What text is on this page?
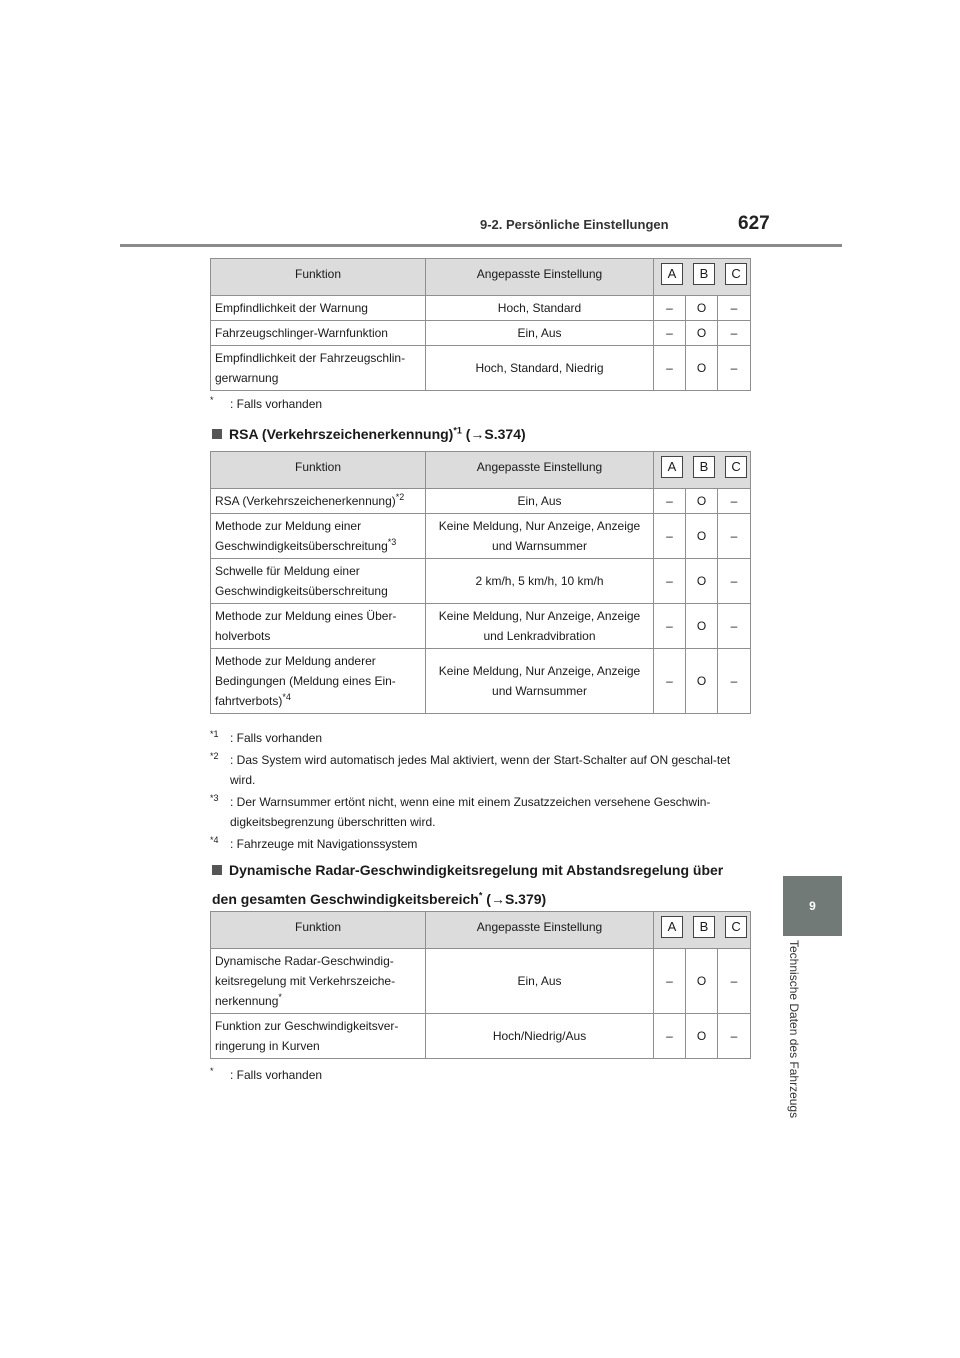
9-2. Persönliche Einstellungen	627
9
Technische Daten des Fahrzeugs
Funktion	Angepasste Einstellung	A B C		

Empfindlichkeit der Warnung	Hoch, Standard	–	O	–
Fahrzeugschlinger-Warnfunktion	Ein, Aus	–	O	–
Empfindlichkeit der Fahrzeugschlin-gerwarnung	Hoch, Standard, Niedrig	–	O	–
*	: Falls vorhanden
RSA (Verkehrszeichenerkennung)$^{*1}$ (→S.374)
Funktion	Angepasste Einstellung	A B C		

RSA (Verkehrszeichenerkennung)$^{*2}$	Ein, Aus	–	O	–
Methode zur Meldung einer Geschwindigkeitsüberschreitung$^{*3}$	Keine Meldung, Nur Anzeige, Anzeige und Warnsummer	–	O	–
Schwelle für Meldung einer Geschwindigkeitsüberschreitung	2 km/h, 5 km/h, 10 km/h	–	O	–
Methode zur Meldung eines Über-holverbots	Keine Meldung, Nur Anzeige, Anzeige und Lenkradvibration	–	O	–
Methode zur Meldung anderer Bedingungen (Meldung eines Ein-fahrtverbots)$^{*4}$	Keine Meldung, Nur Anzeige, Anzeige und Warnsummer	–	O	–
$^{*1}$ : Falls vorhanden
$^{*2}$ : Das System wird automatisch jedes Mal aktiviert, wenn der Start-Schalter auf ON geschal-tet wird.
$^{*3}$ : Der Warnsummer ertönt nicht, wenn eine mit einem Zusatzzeichen versehene Geschwin-digkeitsbegrenzung überschritten wird.
$^{*4}$ : Fahrzeuge mit Navigationssystem
Dynamische Radar-Geschwindigkeitsregelung mit Abstandsregelung über
den gesamten Geschwindigkeitsbereich* (→S.379)
Funktion	Angepasste Einstellung	A B C		

Dynamische Radar-Geschwindig-keitsregelung mit Verkehrszeiche-nerkennung*	Ein, Aus	–	O	–
Funktion zur Geschwindigkeitsver-ringerung in Kurven	Hoch/Niedrig/Aus	–	O	–
*	: Falls vorhanden
